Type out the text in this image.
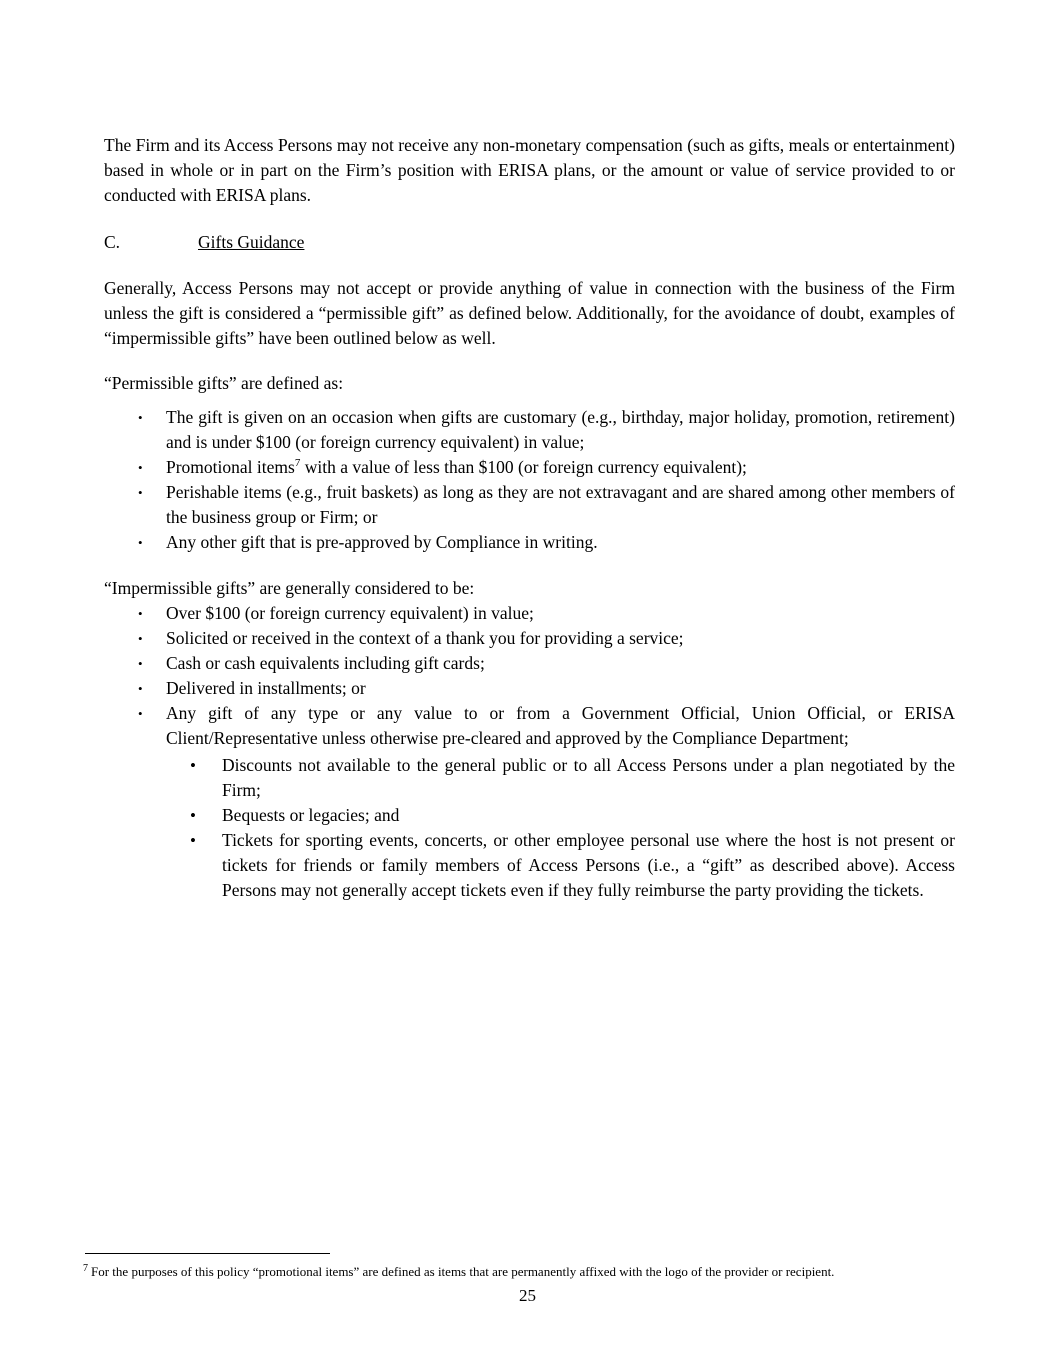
The Firm and its Access Persons may not receive any non-monetary compensation (such as gifts, meals or entertainment) based in whole or in part on the Firm’s position with ERISA plans, or the amount or value of service provided to or conducted with ERISA plans.

C.	Gifts Guidance

Generally, Access Persons may not accept or provide anything of value in connection with the business of the Firm unless the gift is considered a “permissible gift” as defined below. Additionally, for the avoidance of doubt, examples of “impermissible gifts” have been outlined below as well.

“Permissible gifts” are defined as:
• The gift is given on an occasion when gifts are customary (e.g., birthday, major holiday, promotion, retirement) and is under $100 (or foreign currency equivalent) in value;
• Promotional items$^7$ with a value of less than $100 (or foreign currency equivalent);
• Perishable items (e.g., fruit baskets) as long as they are not extravagant and are shared among other members of the business group or Firm; or
• Any other gift that is pre-approved by Compliance in writing.
“Impermissible gifts” are generally considered to be:
• Over $100 (or foreign currency equivalent) in value;
• Solicited or received in the context of a thank you for providing a service;
• Cash or cash equivalents including gift cards;
• Delivered in installments; or
• Any gift of any type or any value to or from a Government Official, Union Official, or ERISA Client/Representative unless otherwise pre-cleared and approved by the Compliance Department;
• Discounts not available to the general public or to all Access Persons under a plan negotiated by the Firm;
• Bequests or legacies; and
• Tickets for sporting events, concerts, or other employee personal use where the host is not present or tickets for friends or family members of Access Persons (i.e., a “gift” as described above). Access Persons may not generally accept tickets even if they fully reimburse the party providing the tickets.
$^7$ For the purposes of this policy “promotional items” are defined as items that are permanently affixed with the logo of the provider or recipient.
25
